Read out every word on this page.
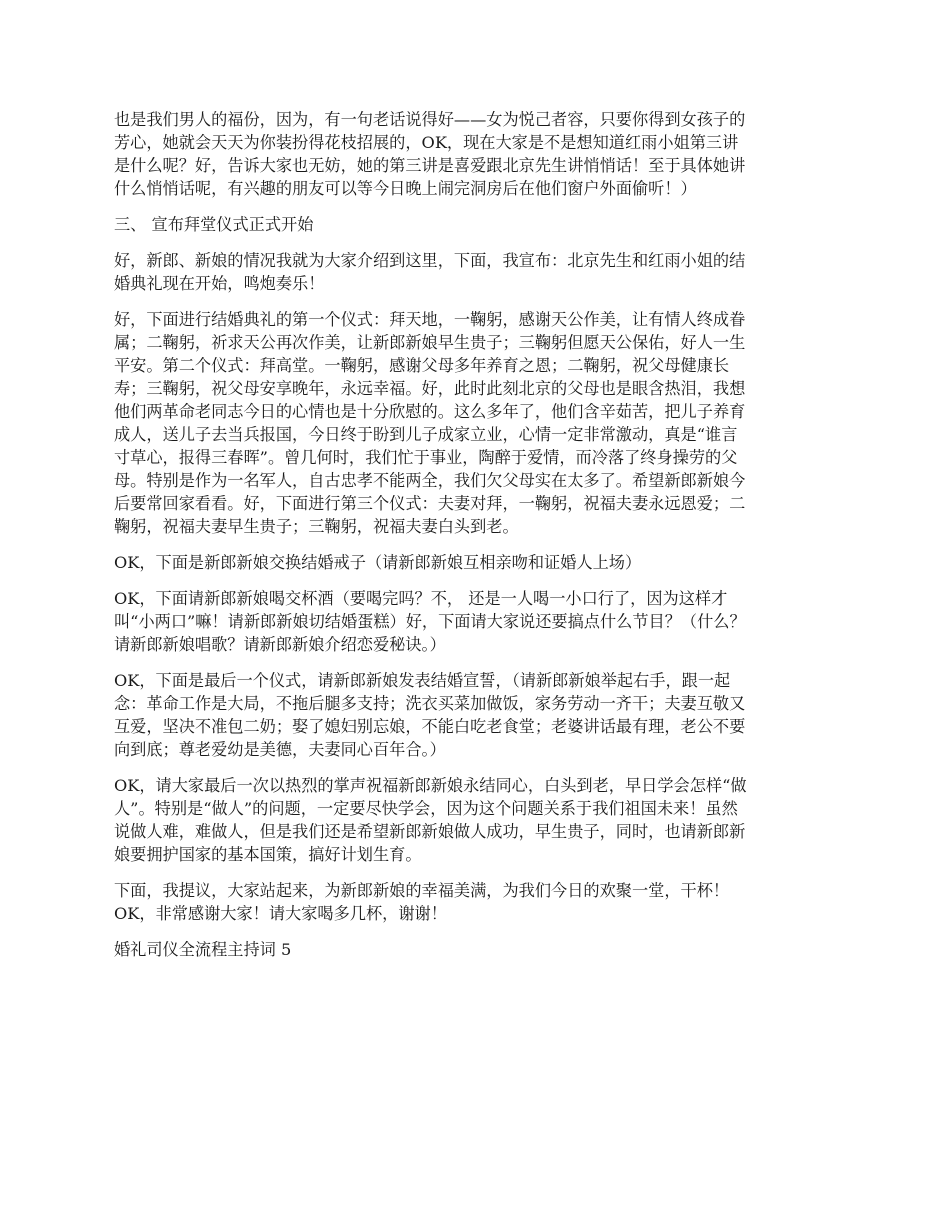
也是我们男人的福份，因为，有一句老话说得好——女为悦己者容，只要你得到女孩子的
芳心，她就会天天为你装扮得花枝招展的，OK，现在大家是不是想知道红雨小姐第三讲
是什么呢？好，告诉大家也无妨，她的第三讲是喜爱跟北京先生讲悄悄话！至于具体她讲
什么悄悄话呢，有兴趣的朋友可以等今日晚上闹完洞房后在他们窗户外面偷听！）

三、 宣布拜堂仪式正式开始

好，新郎、新娘的情况我就为大家介绍到这里，下面，我宣布：北京先生和红雨小姐的结
婚典礼现在开始，鸣炮奏乐！

好，下面进行结婚典礼的第一个仪式：拜天地，一鞠躬，感谢天公作美，让有情人终成眷
属；二鞠躬，祈求天公再次作美，让新郎新娘早生贵子；三鞠躬但愿天公保佑，好人一生
平安。第二个仪式：拜高堂。一鞠躬，感谢父母多年养育之恩；二鞠躬，祝父母健康长
寿；三鞠躬，祝父母安享晚年，永远幸福。好，此时此刻北京的父母也是眼含热泪，我想
他们两革命老同志今日的心情也是十分欣慰的。这么多年了，他们含辛茹苦，把儿子养育
成人，送儿子去当兵报国，今日终于盼到儿子成家立业，心情一定非常激动，真是“谁言
寸草心，报得三春晖”。曾几何时，我们忙于事业，陶醉于爱情，而冷落了终身操劳的父
母。特别是作为一名军人，自古忠孝不能两全，我们欠父母实在太多了。希望新郎新娘今
后要常回家看看。好，下面进行第三个仪式：夫妻对拜，一鞠躬，祝福夫妻永远恩爱；二
鞠躬，祝福夫妻早生贵子；三鞠躬，祝福夫妻白头到老。

OK，下面是新郎新娘交换结婚戒子（请新郎新娘互相亲吻和证婚人上场）

OK，下面请新郎新娘喝交杯酒（要喝完吗？不， 还是一人喝一小口行了，因为这样才
叫“小两口”嘛！请新郎新娘切结婚蛋糕）好，下面请大家说还要搞点什么节目？（什么？
请新郎新娘唱歌？请新郎新娘介绍恋爱秘诀。）

OK，下面是最后一个仪式，请新郎新娘发表结婚宣誓，（请新郎新娘举起右手，跟一起
念：革命工作是大局，不拖后腿多支持；洗衣买菜加做饭，家务劳动一齐干；夫妻互敬又
互爱，坚决不准包二奶；娶了媳妇别忘娘，不能白吃老食堂；老婆讲话最有理，老公不要
向到底；尊老爱幼是美德，夫妻同心百年合。）

OK，请大家最后一次以热烈的掌声祝福新郎新娘永结同心，白头到老，早日学会怎样“做
人”。特别是“做人”的问题，一定要尽快学会，因为这个问题关系于我们祖国未来！虽然
说做人难，难做人，但是我们还是希望新郎新娘做人成功，早生贵子，同时，也请新郎新
娘要拥护国家的基本国策，搞好计划生育。

下面，我提议，大家站起来，为新郎新娘的幸福美满，为我们今日的欢聚一堂，干杯！
OK，非常感谢大家！请大家喝多几杯，谢谢！

婚礼司仪全流程主持词 5
